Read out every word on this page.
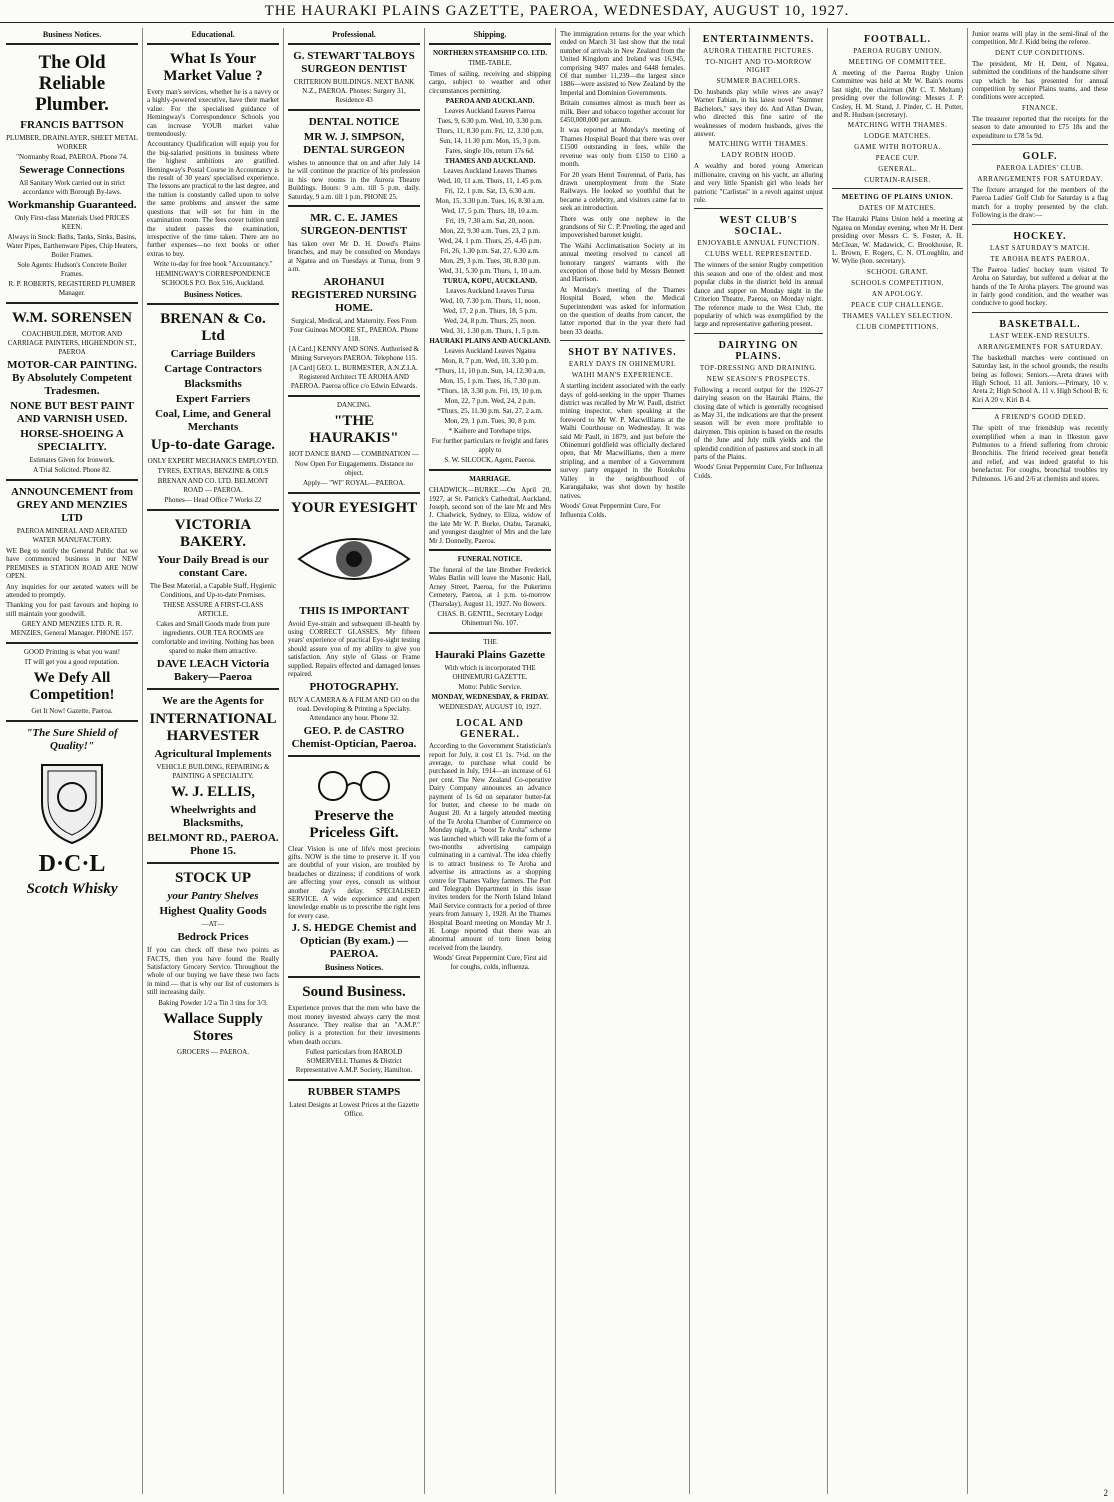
THE HAURAKI PLAINS GAZETTE, PAEROA, WEDNESDAY, AUGUST 10, 1927.
Business Notices.
The Old Reliable Plumber.
FRANCIS BATTSON
PLUMBER, DRAINLAYER, SHEET METAL WORKER
"Normanby Road, PAEROA. Phone 74.
Sewerage Connections
All Sanitary Work carried out in strict accordance with Borough By-laws.
Workmanship Guaranteed.
Only First-class Materials Used PRICES KEEN.
Always in Stock: Baths, Tanks, Sinks, Basins, Water Pipes, Earthenware Pipes, Chip Heaters, Boiler Frames.
Sole Agents: Hudson's Concrete Boiler Frames.
R. P. ROBERTS, REGISTERED PLUMBER Manager.
W.M. SORENSEN
COACHBUILDER, MOTOR AND CARRIAGE PAINTERS, HIGHENDON ST., PAEROA
MOTOR-CAR PAINTING. By Absolutely Competent Tradesmen.
NONE BUT BEST PAINT AND VARNISH USED.
HORSE-SHOEING A SPECIALITY.
Estimates Given for Ironwork.
A Trial Solicited. Phone 82.
ANNOUNCEMENT from GREY AND MENZIES LTD
PAEROA MINERAL AND AERATED WATER MANUFACTORY.
WE Beg to notify the General Public that we have commenced business in our NEW PREMISES in STATION ROAD ARE NOW OPEN.
Any inquiries for our aerated waters will be attended to promptly.
Thanking you for past favours and hoping to still maintain your goodwill.
GREY AND MENZIES LTD. R. R. MENZIES, General Manager. PHONE 157.
GOOD Printing is what you want!
IT will get you a good reputation.
We Defy All Competition!
Get It Now! Gazette, Paeroa.
"The Sure Shield of Quality!"
D·C·L
Scotch Whisky
Educational.
What Is Your Market Value ?
Every man's services, whether he is a navvy or a highly-powered executive, have their market value. For the specialised guidance of Hemingway's Correspondence Schools you can increase YOUR market value tremendously.
Accountancy Qualification will equip you for the big-salaried positions in business where the highest ambitions are gratified. Hemingway's Postal Course in Accountancy is the result of 30 years' specialised experience. The lessons are practical to the last degree, and the tuition is constantly called upon to solve the same problems and answer the same questions that will set for him in the examination room. The fees cover tuition until the student passes the examination, irrespective of the time taken. There are no further expenses—no text books or other extras to buy.
Write to-day for free book "Accountancy."
HEMINGWAY'S CORRESPONDENCE SCHOOLS P.O. Box 516, Auckland.
Business Notices.
BRENAN & Co. Ltd
Carriage Builders
Cartage Contractors
Blacksmiths
Expert Farriers
Coal, Lime, and General Merchants
Up-to-date Garage.
ONLY EXPERT MECHANICS EMPLOYED.
TYRES, EXTRAS, BENZINE & OILS
BRENAN AND CO. LTD. BELMONT ROAD — PAEROA.
Phones— Head Office 7 Works 22
VICTORIA BAKERY.
Your Daily Bread is our constant Care.
The Best Material, a Capable Staff, Hygienic Conditions, and Up-to-date Premises.
THESE ASSURE A FIRST-CLASS ARTICLE.
Cakes and Small Goods made from pure ingredients. OUR TEA ROOMS are comfortable and inviting. Nothing has been spared to make them attractive.
DAVE LEACH Victoria Bakery—Paeroa
We are the Agents for
INTERNATIONAL HARVESTER
Agricultural Implements
VEHICLE BUILDING, REPAIRING & PAINTING A SPECIALITY.
W. J. ELLIS,
Wheelwrights and Blacksmiths,
BELMONT RD., PAEROA. Phone 15.
STOCK UP
your Pantry Shelves
Highest Quality Goods
—AT—
Bedrock Prices
If you can check off these two points as FACTS, then you have found the Really Satisfactory Grocery Service. Throughout the whole of our buying we have these two facts in mind — that is why our list of customers is still increasing daily.
Baking Powder 1/2 a Tin 3 tins for 3/3.
Wallace Supply Stores
GROCERS — PAEROA.
Professional.
G. STEWART TALBOYS SURGEON DENTIST
CRITERION BUILDINGS. NEXT BANK N.Z., PAEROA. Phones: Surgery 31, Residence 43
DENTAL NOTICE
MR W. J. SIMPSON, DENTAL SURGEON
wishes to announce that on and after July 14 he will continue the practice of his profession in his new rooms in the Aurora Theatre Buildings. Hours: 9 a.m. till 5 p.m. daily. Saturday, 9 a.m. till 1 p.m. PHONE 25.
MR. C. E. JAMES SURGEON-DENTIST
has taken over Mr D. H. Dowd's Plains branches, and may be consulted on Mondays at Ngatea and on Tuesdays at Turua, from 9 a.m.
AROHANUI REGISTERED NURSING HOME.
Surgical, Medical, and Maternity. Fees From Four Guineas MOORE ST., PAEROA. Phone 118.
[A Card.] KENNY AND SONS. Authorised & Mining Surveyors PAEROA. Telephone 115.
[A Card] GEO. L. BURMESTER, A.N.Z.I.A. Registered Architect TE AROHA AND PAEROA. Paeroa office c/o Edwin Edwards.
DANCING.
"THE HAURAKIS"
HOT DANCE BAND — COMBINATION —
Now Open For Engagements. Distance no object.
Apply— "WI" ROYAL—PAEROA.
YOUR EYESIGHT
THIS IS IMPORTANT
Avoid Eye-strain and subsequent ill-health by using CORRECT GLASSES. My fifteen years' experience of practical Eye-sight testing should assure you of my ability to give you satisfaction. Any style of Glass or Frame supplied. Repairs effected and damaged lenses repaired.
PHOTOGRAPHY.
BUY A CAMERA & A FILM AND GO on the road. Developing & Printing a Specialty. Attendance any hour. Phone 32.
GEO. P. de CASTRO Chemist-Optician, Paeroa.
Preserve the Priceless Gift.
Clear Vision is one of life's most precious gifts. NOW is the time to preserve it. If you are doubtful of your vision, are troubled by headaches or dizziness; if conditions of work are affecting your eyes, consult us without another day's delay. SPECIALISED SERVICE. A wide experience and expert knowledge enable us to prescribe the right lens for every case.
J. S. HEDGE Chemist and Optician (By exam.) — PAEROA.
Business Notices.
Sound Business.
Experience proves that the men who have the most money invested always carry the most Assurance. They realise that an "A.M.P." policy is a protection for their investments when death occurs.
Fullest particulars from HAROLD SOMERVELL Thames & District Representative A.M.P. Society, Hamilton.
RUBBER STAMPS
Latest Designs at Lowest Prices at the Gazette Office.
Shipping.
NORTHERN STEAMSHIP CO. LTD.
TIME-TABLE.
Times of sailing, receiving and shipping cargo, subject to weather and other circumstances permitting.
PAEROA AND AUCKLAND.
Leaves Auckland Leaves Paeroa
Tues, 9, 6.30 p.m. Wed, 10, 3.30 p.m.
Thurs, 11, 8.30 p.m. Fri, 12, 3.30 p.m.
Sun, 14, 11.30 p.m. Mon, 15, 3 p.m.
Fares, single 10s, return 17s 6d.
THAMES AND AUCKLAND.
Leaves Auckland Leaves Thames
Wed, 10, 11 a.m. Thurs, 11, 1.45 p.m.
Fri, 12, 1 p.m. Sat, 13, 6.30 a.m.
Mon, 15, 3.30 p.m. Tues, 16, 8.30 a.m.
Wed, 17, 5 p.m. Thurs, 18, 10 a.m.
Fri, 19, 7.30 a.m. Sat, 20, noon.
Mon, 22, 9.30 a.m. Tues, 23, 2 p.m.
Wed, 24, 1 p.m. Thurs, 25, 4.45 p.m.
Fri, 26, 1.30 p.m. Sat, 27, 6.30 a.m.
Mon, 29, 3 p.m. Tues, 30, 8.30 p.m.
Wed, 31, 5.30 p.m. Thurs, 1, 10 a.m.
TURUA, KOPU, AUCKLAND.
Leaves Auckland Leaves Turua
Wed, 10, 7.30 p.m. Thurs, 11, noon.
Wed, 17, 2 p.m. Thurs, 18, 5 p.m.
Wed, 24, 8 p.m. Thurs, 25, noon.
Wed, 31, 1.30 p.m. Thurs, 1, 5 p.m.
HAURAKI PLAINS AND AUCKLAND.
Leaves Auckland Leaves Ngatea
Mon, 8, 7 p.m. Wed, 10, 3.30 p.m.
*Thurs, 11, 10 p.m. Sun, 14, 12.30 a.m.
Mon, 15, 1 p.m. Tues, 16, 7.30 p.m.
*Thurs, 18, 3.30 p.m. Fri, 19, 10 p.m.
Mon, 22, 7 p.m. Wed, 24, 2 p.m.
*Thurs, 25, 11.30 p.m. Sat, 27, 2 a.m.
Mon, 29, 1 p.m. Tues, 30, 8 p.m.
* Kaihere and Torehape trips.
For further particulars re freight and fares apply to
S. W. SILCOCK, Agent, Paeroa.
MARRIAGE.
CHADWICK—BURKE.—On April 20, 1927, at St. Patrick's Cathedral, Auckland, Joseph, second son of the late Mr and Mrs J. Chadwick, Sydney, to Eliza, widow of the late Mr W. P. Burke, Otahu, Taranaki, and youngest daughter of Mrs and the late Mr J. Donnelly, Paeroa.
FUNERAL NOTICE.
The funeral of the late Brother Frederick Wales Batlin will leave the Masonic Hall, Arney Street, Paeroa, for the Pukerimu Cemetery, Paeroa, at 1 p.m. to-morrow (Thursday), August 11, 1927. No flowers.
CHAS. B. GENTIL, Secretary Lodge Ohinemuri No. 107.
THE
Hauraki Plains Gazette
With which is incorporated THE OHINEMURI GAZETTE.
Motto: Public Service.
MONDAY, WEDNESDAY, & FRIDAY.
WEDNESDAY, AUGUST 10, 1927.
LOCAL AND GENERAL.
According to the Government Statistician's report for July, it cost £1 1s. 7½d. on the average, to purchase what could be purchased in July, 1914—an increase of 61 per cent. The New Zealand Co-operative Dairy Company announces an advance payment of 1s 6d on separator butter-fat for butter, and cheese to be made on August 20. At a largely attended meeting of the Te Aroha Chamber of Commerce on Monday night, a "boost Te Aroha" scheme was launched which will take the form of a two-months advertising campaign culminating in a carnival. The idea chiefly is to attract business to Te Aroha and advertise its attractions as a shopping centre for Thames Valley farmers. The Port and Telegraph Department in this issue invites tenders for the North Island Inland Mail Service contracts for a period of three years from January 1, 1928. At the Thames Hospital Board meeting on Monday Mr J. H. Longe reported that there was an abnormal amount of torn linen being received from the laundry.
Woods' Great Peppermint Cure, First aid for coughs, colds, influenza.
The immigration returns for the year which ended on March 31 last show that the total number of arrivals in New Zealand from the United Kingdom and Ireland was 16,945, comprising 9497 males and 6448 females. Of that number 11,239—the largest since 1886—were assisted to New Zealand by the Imperial and Dominion Governments.
Britain consumes almost as much beer as milk. Beer and tobacco together account for £450,000,000 per annum.
It was reported at Monday's meeting of Thames Hospital Board that there was over £1500 outstanding in fees, while the revenue was only from £150 to £160 a month.
For 20 years Henri Tourennal, of Paris, has drawn unemployment from the State Railways. He looked so youthful that he became a celebrity, and visitors came far to seek an introduction.
There was only one nephew in the grandsons of Sir C. P. Preeling, the aged and impoverished baronet knight.
The Waihi Acclimatisation Society at its annual meeting resolved to cancel all honorary rangers' warrants with the exception of those held by Messrs Bennett and Harrison.
At Monday's meeting of the Thames Hospital Board, when the Medical Superintendent was asked for information on the question of deaths from cancer, the latter reported that in the year there had been 33 deaths.
SHOT BY NATIVES.
EARLY DAYS IN OHINEMURI.
WAIHI MAN'S EXPERIENCE.
A startling incident associated with the early days of gold-seeking in the upper Thames district was recalled by Mr W. Paull, district mining inspector, when speaking at the foreword to Mr W. P. Macwilliams at the Waihi Courthouse on Wednesday. It was said Mr Paull, in 1879, and just before the Ohinemuri goldfield was officially declared open, that Mr Macwilliams, then a mere stripling, and a member of a Government survey party engaged in the Rotokohu Valley in the neighbourhood of Karangahake, was shot down by hostile natives.
Woods' Great Peppermint Cure, For Influenza Colds.
ENTERTAINMENTS.
AURORA THEATRE PICTURES.
TO-NIGHT AND TO-MORROW NIGHT
SUMMER BACHELORS.
Do husbands play while wives are away? Warner Fabian, in his latest novel "Summer Bachelors," says they do. And Allan Dwan, who directed this fine satire of the weaknesses of modern husbands, gives the answer.
MATCHING WITH THAMES.
LADY ROBIN HOOD.
A wealthy and bored young American millionaire, craving on his yacht, an alluring and very little Spanish girl who leads her patriotic "Carlistas" in a revolt against unjust rule.
WEST CLUB'S SOCIAL.
ENJOYABLE ANNUAL FUNCTION.
CLUBS WELL REPRESENTED.
The winners of the senior Rugby competition this season and one of the oldest and most popular clubs in the district held its annual dance and supper on Monday night in the Criterion Theatre, Paeroa, on Monday night. The reference made to the West Club, the popularity of which was exemplified by the large and representative gathering present.
DAIRYING ON PLAINS.
TOP-DRESSING AND DRAINING.
NEW SEASON'S PROSPECTS.
Following a record output for the 1926-27 dairying season on the Hauraki Plains, the closing date of which is generally recognised as May 31, the indications are that the present season will be even more profitable to dairymen. This opinion is based on the results of the June and July milk yields and the splendid condition of pastures and stock in all parts of the Plains.
Woods' Great Peppermint Cure, For Influenza Colds.
FOOTBALL.
PAEROA RUGBY UNION.
MEETING OF COMMITTEE.
A meeting of the Paeroa Rugby Union Committee was held at Mr W. Bain's rooms last night, the chairman (Mr C. T. Meltam) presiding over the following: Messrs J. P. Cosley, H. M. Stand, J. Pinder, C. H. Potter, and R. Hudson (secretary).
MATCHING WITH THAMES.
LODGE MATCHES.
GAME WITH ROTORUA.
PEACE CUP.
GENERAL.
CURTAIN-RAISER.
MEETING OF PLAINS UNION.
DATES OF MATCHES.
The Hauraki Plains Union held a meeting at Ngatea on Monday evening, when Mr H. Dent presiding over Messrs C. S. Foster, A. H. McClean, W. Madawick, C. Brookhouse, R. L. Brown, F. Rogers, C. N. O'Loughlin, and W. Wylie (hon. secretary).
SCHOOL GRANT.
SCHOOLS COMPETITION.
AN APOLOGY.
PEACE CUP CHALLENGE.
THAMES VALLEY SELECTION.
CLUB COMPETITIONS.
Junior teams will play in the semi-final of the competition, Mr J. Kidd being the referee.
DENT CUP CONDITIONS.
The president, Mr H. Dent, of Ngatea, submitted the conditions of the handsome silver cup which he has presented for annual competition by senior Plains teams, and these conditions were accepted.
FINANCE.
The treasurer reported that the receipts for the season to date amounted to £75 18s and the expenditure to £78 5s 9d.
GOLF.
PAEROA LADIES' CLUB.
ARRANGEMENTS FOR SATURDAY.
The fixture arranged for the members of the Paeroa Ladies' Golf Club for Saturday is a flag match for a trophy presented by the club. Following is the draw:—
HOCKEY.
LAST SATURDAY'S MATCH.
TE AROHA BEATS PAEROA.
The Paeroa ladies' hockey team visited Te Aroha on Saturday, but suffered a defeat at the hands of the Te Aroha players. The ground was in fairly good condition, and the weather was conducive to good hockey.
BASKETBALL.
LAST WEEK-END RESULTS.
ARRANGEMENTS FOR SATURDAY.
The basketball matches were continued on Saturday last, in the school grounds, the results being as follows: Seniors.—Areta draws with High School, 11 all. Juniors.—Primary, 10 v. Areta 2; High School A. 11 v. High School B; 6; Kiri A 20 v. Kiri B 4.
A FRIEND'S GOOD DEED.
The spirit of true friendship was recently exemplified when a man in Ilkeston gave Pulmonos to a friend suffering from chronic Bronchitis. The friend received great benefit and relief, and was indeed grateful to his benefactor. For coughs, bronchial troubles try Pulmonos. 1/6 and 2/6 at chemists and stores.
2
